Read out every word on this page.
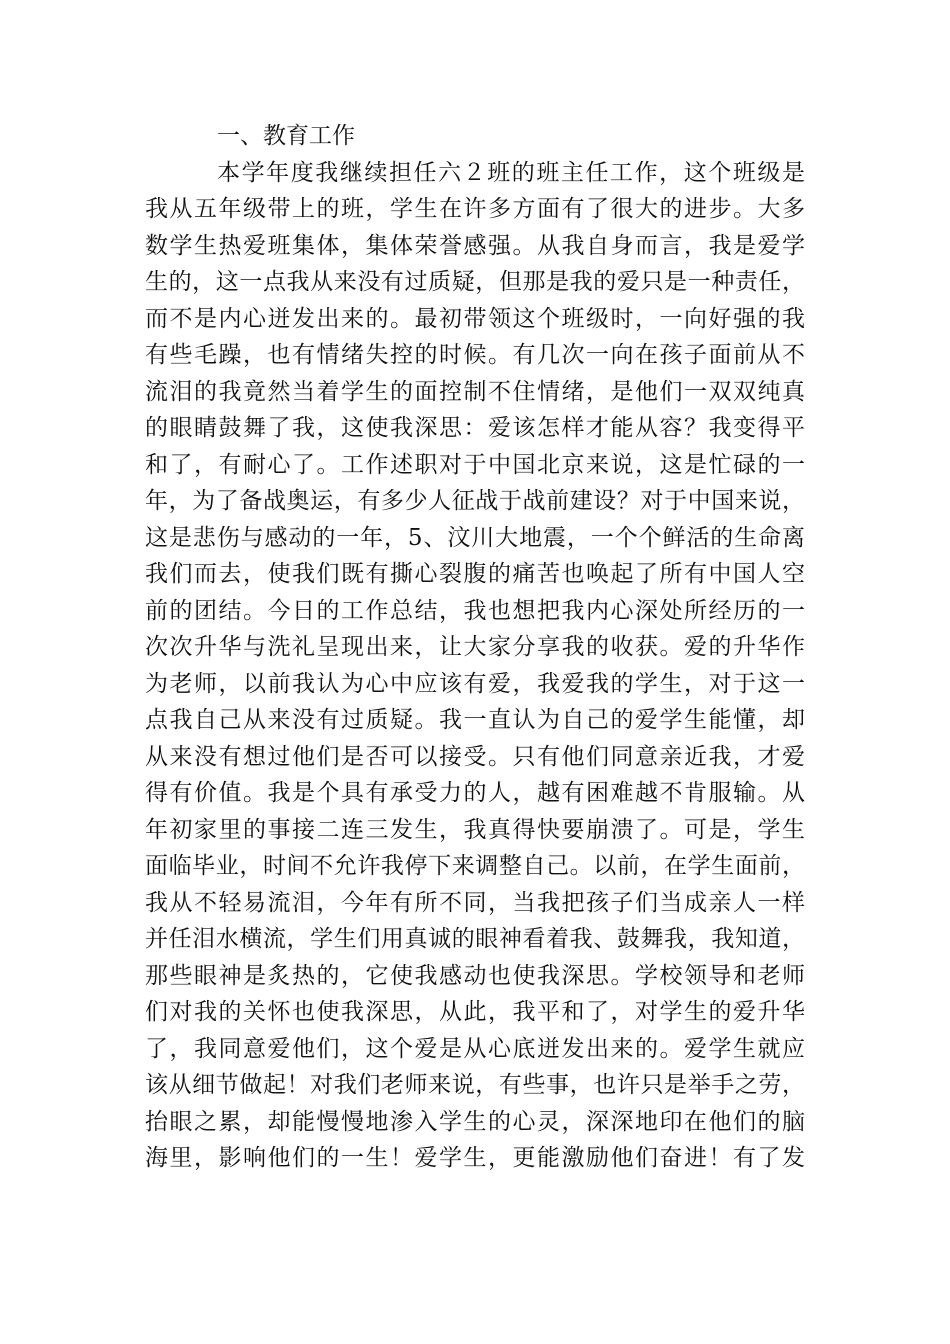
一、教育工作
本学年度我继续担任六２班的班主任工作，这个班级是
我从五年级带上的班，学生在许多方面有了很大的进步。大多
数学生热爱班集体，集体荣誉感强。从我自身而言，我是爱学
生的，这一点我从来没有过质疑，但那是我的爱只是一种责任，
而不是内心迸发出来的。最初带领这个班级时，一向好强的我
有些毛躁，也有情绪失控的时候。有几次一向在孩子面前从不
流泪的我竟然当着学生的面控制不住情绪，是他们一双双纯真
的眼睛鼓舞了我，这使我深思：爱该怎样才能从容？我变得平
和了，有耐心了。工作述职对于中国北京来说，这是忙碌的一
年，为了备战奥运，有多少人征战于战前建设？对于中国来说，
这是悲伤与感动的一年，5、汶川大地震，一个个鲜活的生命离
我们而去，使我们既有撕心裂腹的痛苦也唤起了所有中国人空
前的团结。今日的工作总结，我也想把我内心深处所经历的一
次次升华与洗礼呈现出来，让大家分享我的收获。爱的升华作
为老师，以前我认为心中应该有爱，我爱我的学生，对于这一
点我自己从来没有过质疑。我一直认为自己的爱学生能懂，却
从来没有想过他们是否可以接受。只有他们同意亲近我，才爱
得有价值。我是个具有承受力的人，越有困难越不肯服输。从
年初家里的事接二连三发生，我真得快要崩溃了。可是，学生
面临毕业，时间不允许我停下来调整自己。以前，在学生面前，
我从不轻易流泪，今年有所不同，当我把孩子们当成亲人一样
并任泪水横流，学生们用真诚的眼神看着我、鼓舞我，我知道，
那些眼神是炙热的，它使我感动也使我深思。学校领导和老师
们对我的关怀也使我深思，从此，我平和了，对学生的爱升华
了，我同意爱他们，这个爱是从心底迸发出来的。爱学生就应
该从细节做起！对我们老师来说，有些事，也许只是举手之劳，
抬眼之累，却能慢慢地渗入学生的心灵，深深地印在他们的脑
海里，影响他们的一生！爱学生，更能激励他们奋进！有了发
